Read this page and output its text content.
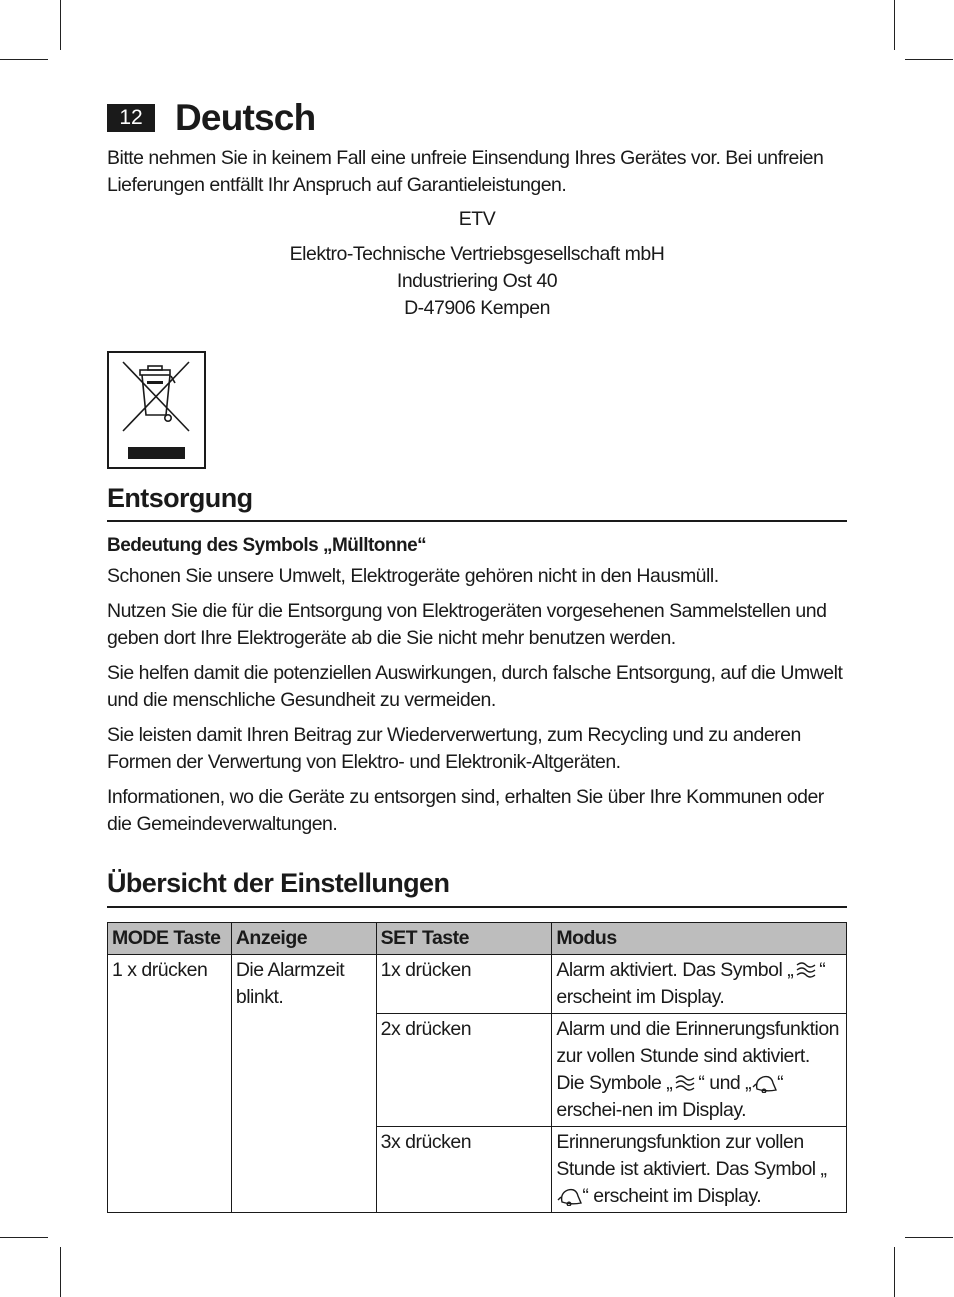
12 Deutsch

Bitte nehmen Sie in keinem Fall eine unfreie Einsendung Ihres Gerätes vor. Bei unfreien Lieferungen entfällt Ihr Anspruch auf Garantieleistungen.

ETV
Elektro-Technische Vertriebsgesellschaft mbH
Industriering Ost 40
D-47906 Kempen
Entsorgung
Bedeutung des Symbols „Mülltonne“

Schonen Sie unsere Umwelt, Elektrogeräte gehören nicht in den Hausmüll.

Nutzen Sie die für die Entsorgung von Elektrogeräten vorgesehenen Sammelstellen und geben dort Ihre Elektrogeräte ab die Sie nicht mehr benutzen werden.

Sie helfen damit die potenziellen Auswirkungen, durch falsche Entsorgung, auf die Umwelt und die menschliche Gesundheit zu vermeiden.

Sie leisten damit Ihren Beitrag zur Wiederverwertung, zum Recycling und zu anderen Formen der Verwertung von Elektro- und Elektronik-Altgeräten.

Informationen, wo die Geräte zu entsorgen sind, erhalten Sie über Ihre Kommunen oder die Gemeindeverwaltungen.

Übersicht der Einstellungen
MODE Taste	Anzeige	SET Taste	Modus
1 x drücken	Die Alarmzeit blinkt.	1x drücken	Alarm aktiviert. Das Symbol „ “ erscheint im Display.
		2x drücken	Alarm und die Erinnerungsfunktion zur vollen Stunde sind aktiviert. Die Symbole „ “ und „ “ erschei-nen im Display.
		3x drücken	Erinnerungsfunktion zur vollen Stunde ist aktiviert. Das Symbol „“ erscheint im Display.
